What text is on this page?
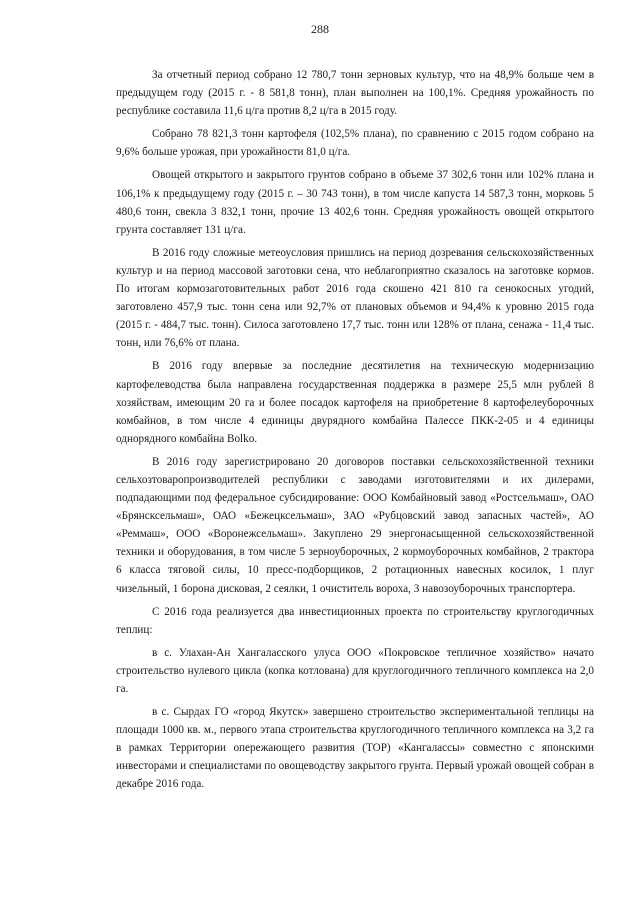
288

За отчетный период собрано 12 780,7 тонн зерновых культур, что на 48,9% больше чем в предыдущем году (2015 г. - 8 581,8 тонн), план выполнен на 100,1%. Средняя урожайность по республике составила 11,6 ц/га против 8,2 ц/га в 2015 году.

Собрано 78 821,3 тонн картофеля (102,5% плана), по сравнению с 2015 годом собрано на 9,6% больше урожая, при урожайности 81,0 ц/га.

Овощей открытого и закрытого грунтов собрано в объеме 37 302,6 тонн или 102% плана и 106,1% к предыдущему году (2015 г. – 30 743 тонн), в том числе капуста 14 587,3 тонн, морковь 5 480,6 тонн, свекла 3 832,1 тонн, прочие 13 402,6 тонн. Средняя урожайность овощей открытого грунта составляет 131 ц/га.

В 2016 году сложные метеоусловия пришлись на период дозревания сельскохозяйственных культур и на период массовой заготовки сена, что неблагоприятно сказалось на заготовке кормов. По итогам кормозаготовительных работ 2016 года скошено 421 810 га сенокосных угодий, заготовлено 457,9 тыс. тонн сена или 92,7% от плановых объемов и 94,4% к уровню 2015 года (2015 г. - 484,7 тыс. тонн). Силоса заготовлено 17,7 тыс. тонн или 128% от плана, сенажа - 11,4 тыс. тонн, или 76,6% от плана.

В 2016 году впервые за последние десятилетия на техническую модернизацию картофелеводства была направлена государственная поддержка в размере 25,5 млн рублей 8 хозяйствам, имеющим 20 га и более посадок картофеля на приобретение 8 картофелеуборочных комбайнов, в том числе 4 единицы двурядного комбайна Палессе ПКК-2-05 и 4 единицы однорядного комбайна Bolko.

В 2016 году зарегистрировано 20 договоров поставки сельскохозяйственной техники сельхозтоваропроизводителей республики с заводами изготовителями и их дилерами, подпадающими под федеральное субсидирование: ООО Комбайновый завод «Ростсельмаш», ОАО «Брянсксельмаш», ОАО «Бежецксельмаш», ЗАО «Рубцовский завод запасных частей», АО «Реммаш», ООО «Воронежсельмаш». Закуплено 29 энергонасыщенной сельскохозяйственной техники и оборудования, в том числе 5 зерноуборочных, 2 кормоуборочных комбайнов, 2 трактора 6 класса тяговой силы, 10 пресс-подборщиков, 2 ротационных навесных косилок, 1 плуг чизельный, 1 борона дисковая, 2 сеялки, 1 очиститель вороха, 3 навозоуборочных транспортера.

С 2016 года реализуется два инвестиционных проекта по строительству круглогодичных теплиц:

в с. Улахан-Ан Хангаласского улуса ООО «Покровское тепличное хозяйство» начато строительство нулевого цикла (копка котлована) для круглогодичного тепличного комплекса на 2,0 га.

в с. Сырдах ГО «город Якутск» завершено строительство экспериментальной теплицы на площади 1000 кв. м., первого этапа строительства круглогодичного тепличного комплекса на 3,2 га в рамках Территории опережающего развития (ТОР) «Кангалассы» совместно с японскими инвесторами и специалистами по овощеводству закрытого грунта. Первый урожай овощей собран в декабре 2016 года.
